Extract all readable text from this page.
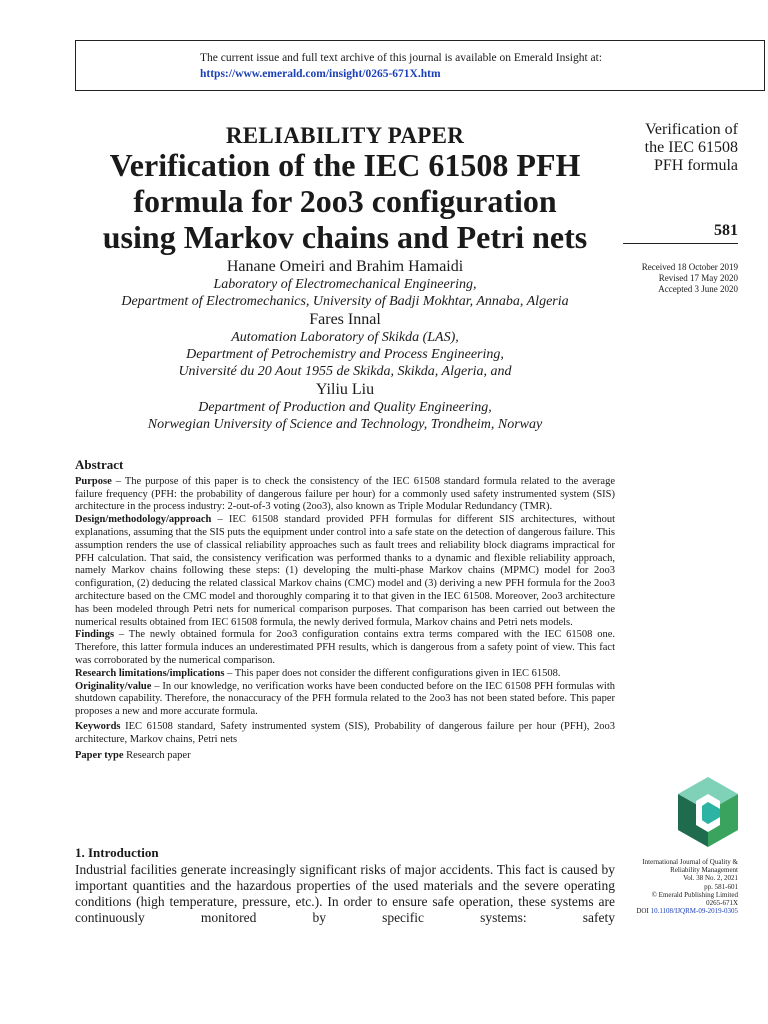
The current issue and full text archive of this journal is available on Emerald Insight at:
https://www.emerald.com/insight/0265-671X.htm
Verification of
the IEC 61508
PFH formula
581
Received 18 October 2019
Revised 17 May 2020
Accepted 3 June 2020
RELIABILITY PAPER
Verification of the IEC 61508 PFH
formula for 2oo3 configuration
using Markov chains and Petri nets
Hanane Omeiri and Brahim Hamaidi
Laboratory of Electromechanical Engineering,
Department of Electromechanics, University of Badji Mokhtar, Annaba, Algeria
Fares Innal
Automation Laboratory of Skikda (LAS),
Department of Petrochemistry and Process Engineering,
Université du 20 Aout 1955 de Skikda, Skikda, Algeria, and
Yiliu Liu
Department of Production and Quality Engineering,
Norwegian University of Science and Technology, Trondheim, Norway
Abstract

Purpose – The purpose of this paper is to check the consistency of the IEC 61508 standard formula related to the average failure frequency (PFH: the probability of dangerous failure per hour) for a commonly used safety instrumented system (SIS) architecture in the process industry: 2-out-of-3 voting (2oo3), also known as Triple Modular Redundancy (TMR).

Design/methodology/approach – IEC 61508 standard provided PFH formulas for different SIS architectures, without explanations, assuming that the SIS puts the equipment under control into a safe state on the detection of dangerous failure. This assumption renders the use of classical reliability approaches such as fault trees and reliability block diagrams impractical for PFH calculation. That said, the consistency verification was performed thanks to a dynamic and flexible reliability approach, namely Markov chains following these steps: (1) developing the multi-phase Markov chains (MPMC) model for 2oo3 configuration, (2) deducing the related classical Markov chains (CMC) model and (3) deriving a new PFH formula for the 2oo3 architecture based on the CMC model and thoroughly comparing it to that given in the IEC 61508. Moreover, 2oo3 architecture has been modeled through Petri nets for numerical comparison purposes. That comparison has been carried out between the numerical results obtained from IEC 61508 formula, the newly derived formula, Markov chains and Petri nets models.

Findings – The newly obtained formula for 2oo3 configuration contains extra terms compared with the IEC 61508 one. Therefore, this latter formula induces an underestimated PFH results, which is dangerous from a safety point of view. This fact was corroborated by the numerical comparison.

Research limitations/implications – This paper does not consider the different configurations given in IEC 61508.

Originality/value – In our knowledge, no verification works have been conducted before on the IEC 61508 PFH formulas with shutdown capability. Therefore, the nonaccuracy of the PFH formula related to the 2oo3 has not been stated before. This paper proposes a new and more accurate formula.

Keywords IEC 61508 standard, Safety instrumented system (SIS), Probability of dangerous failure per hour (PFH), 2oo3 architecture, Markov chains, Petri nets

Paper type Research paper

1. Introduction

Industrial facilities generate increasingly significant risks of major accidents. This fact is caused by important quantities and the hazardous properties of the used materials and the severe operating conditions (high temperature, pressure, etc.). In order to ensure safe operation, these systems are continuously monitored by specific systems: safety

International Journal of Quality &
Reliability Management
Vol. 38 No. 2, 2021
pp. 581-601
© Emerald Publishing Limited
0265-671X
DOI 10.1108/IJQRM-09-2019-0305
